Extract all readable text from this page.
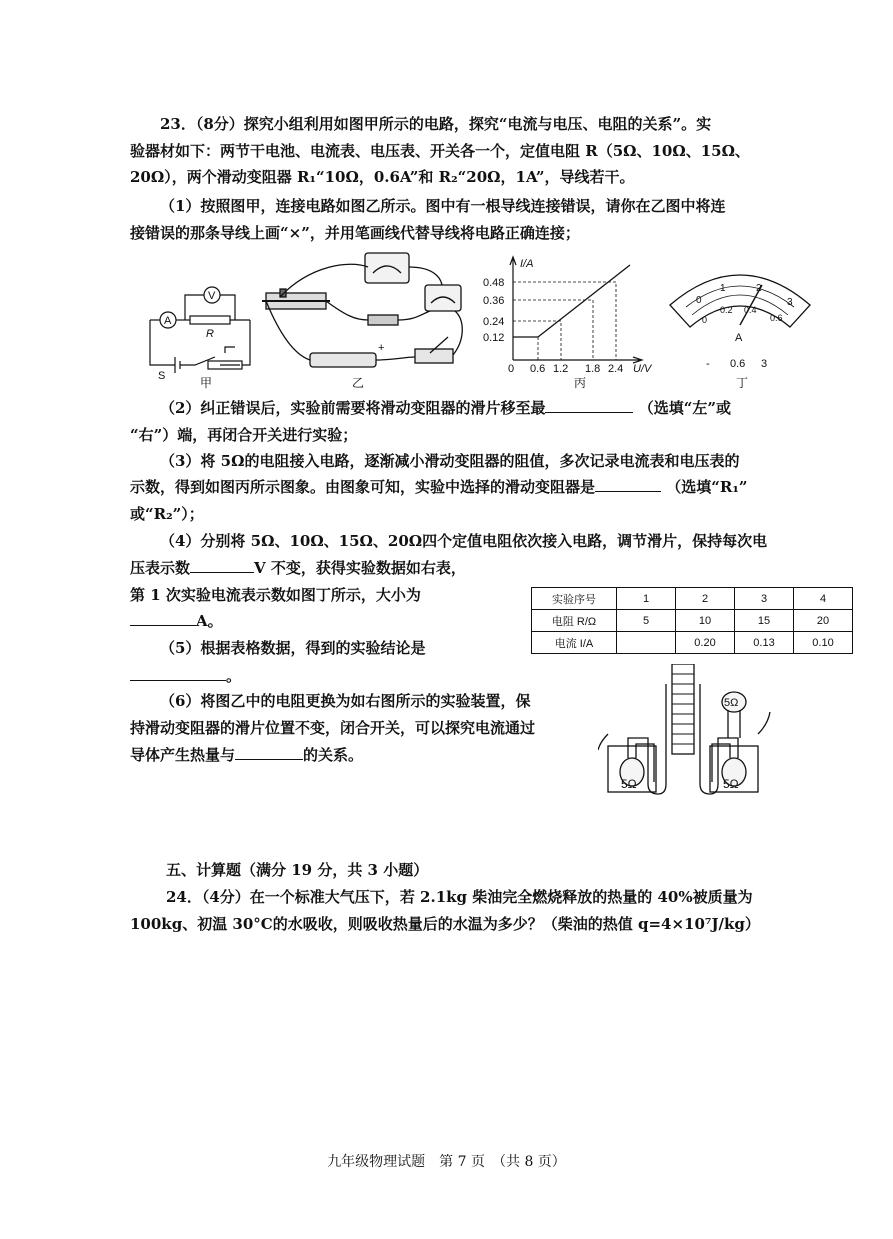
23．（8分）探究小组利用如图甲所示的电路，探究“电流与电压、电阻的关系”。实
验器材如下：两节干电池、电流表、电压表、开关各一个，定值电阻 R（5Ω、10Ω、15Ω、
20Ω），两个滑动变阻器 R₁“10Ω，0.6A”和 R₂“20Ω，1A”，导线若干。
（1）按照图甲，连接电路如图乙所示。图中有一根导线连接错误，请你在乙图中将连
接错误的那条导线上画“×”，并用笔画线代替导线将电路正确连接；
A
V
R
S	甲
+
乙
I/A
0.48
0.36
0.24
0.12
0 0.6 1.2 1.8 2.4 U/V
丙
0
1	2
3
0
0.2 0.4
0.6
A
- 0.6 3
丁
（2）纠正错误后，实验前需要将滑动变阻器的滑片移至最	（选填“左”或
“右”）端，再闭合开关进行实验；
（3）将 5Ω的电阻接入电路，逐渐减小滑动变阻器的阻值，多次记录电流表和电压表的
示数，得到如图丙所示图象。由图象可知，实验中选择的滑动变阻器是	（选填“R₁”
或“R₂”）；
（4）分别将 5Ω、10Ω、15Ω、20Ω四个定值电阻依次接入电路，调节滑片，保持每次电
压表示数	V 不变，获得实验数据如右表，
第 1 次实验电流表示数如图丁所示，大小为
A。
（5）根据表格数据，得到的实验结论是
。
实验序号	1	2	3	4
电阻 R/Ω	5	10	15	20
电流 I/A		0.20	0.13	0.10
（6）将图乙中的电阻更换为如右图所示的实验装置，保
持滑动变阻器的滑片位置不变，闭合开关，可以探究电流通过
导体产生热量与	的关系。
5Ω	5Ω
5Ω
五、计算题（满分 19 分，共 3 小题）
24．（4分）在一个标准大气压下，若 2.1kg 柴油完全燃烧释放的热量的 40%被质量为
100kg、初温 30°C的水吸收，则吸收热量后的水温为多少？（柴油的热值 q=4×10⁷J/kg）
九年级物理试题　第 7 页　（共 8 页）
